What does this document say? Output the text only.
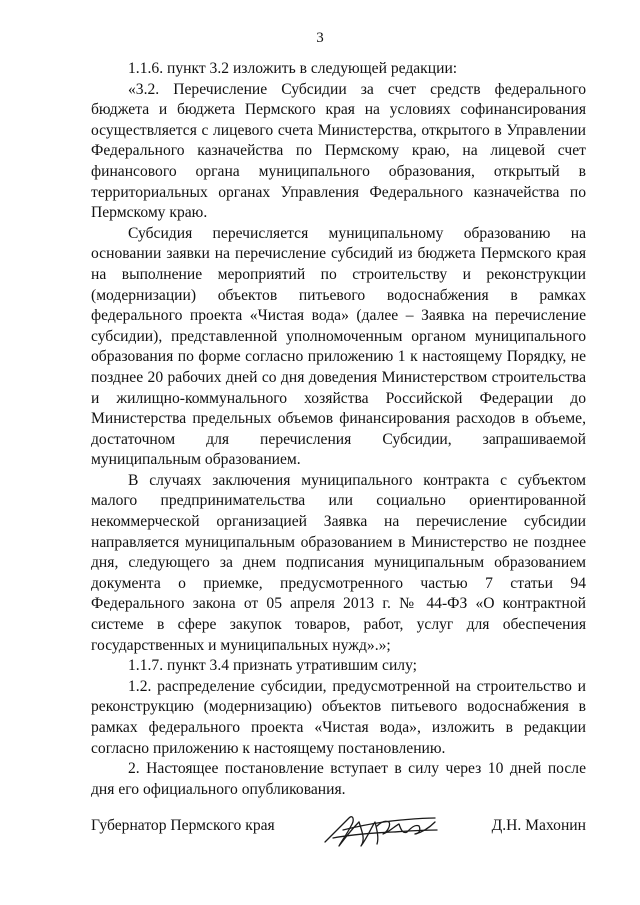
3

1.1.6. пункт 3.2 изложить в следующей редакции:

«3.2. Перечисление Субсидии за счет средств федерального бюджета и бюджета Пермского края на условиях софинансирования осуществляется с лицевого счета Министерства, открытого в Управлении Федерального казначейства по Пермскому краю, на лицевой счет финансового органа муниципального образования, открытый в территориальных органах Управления Федерального казначейства по Пермскому краю.

Субсидия перечисляется муниципальному образованию на основании заявки на перечисление субсидий из бюджета Пермского края на выполнение мероприятий по строительству и реконструкции (модернизации) объектов питьевого водоснабжения в рамках федерального проекта «Чистая вода» (далее – Заявка на перечисление субсидии), представленной уполномоченным органом муниципального образования по форме согласно приложению 1 к настоящему Порядку, не позднее 20 рабочих дней со дня доведения Министерством строительства и жилищно-коммунального хозяйства Российской Федерации до Министерства предельных объемов финансирования расходов в объеме, достаточном для перечисления Субсидии, запрашиваемой муниципальным образованием.

В случаях заключения муниципального контракта с субъектом малого предпринимательства или социально ориентированной некоммерческой организацией Заявка на перечисление субсидии направляется муниципальным образованием в Министерство не позднее дня, следующего за днем подписания муниципальным образованием документа о приемке, предусмотренного частью 7 статьи 94 Федерального закона от 05 апреля 2013 г. № 44-ФЗ «О контрактной системе в сфере закупок товаров, работ, услуг для обеспечения государственных и муниципальных нужд».»;

1.1.7. пункт 3.4 признать утратившим силу;

1.2. распределение субсидии, предусмотренной на строительство и реконструкцию (модернизацию) объектов питьевого водоснабжения в рамках федерального проекта «Чистая вода», изложить в редакции согласно приложению к настоящему постановлению.

2. Настоящее постановление вступает в силу через 10 дней после дня его официального опубликования.

Губернатор Пермского края	Д.Н. Махонин
